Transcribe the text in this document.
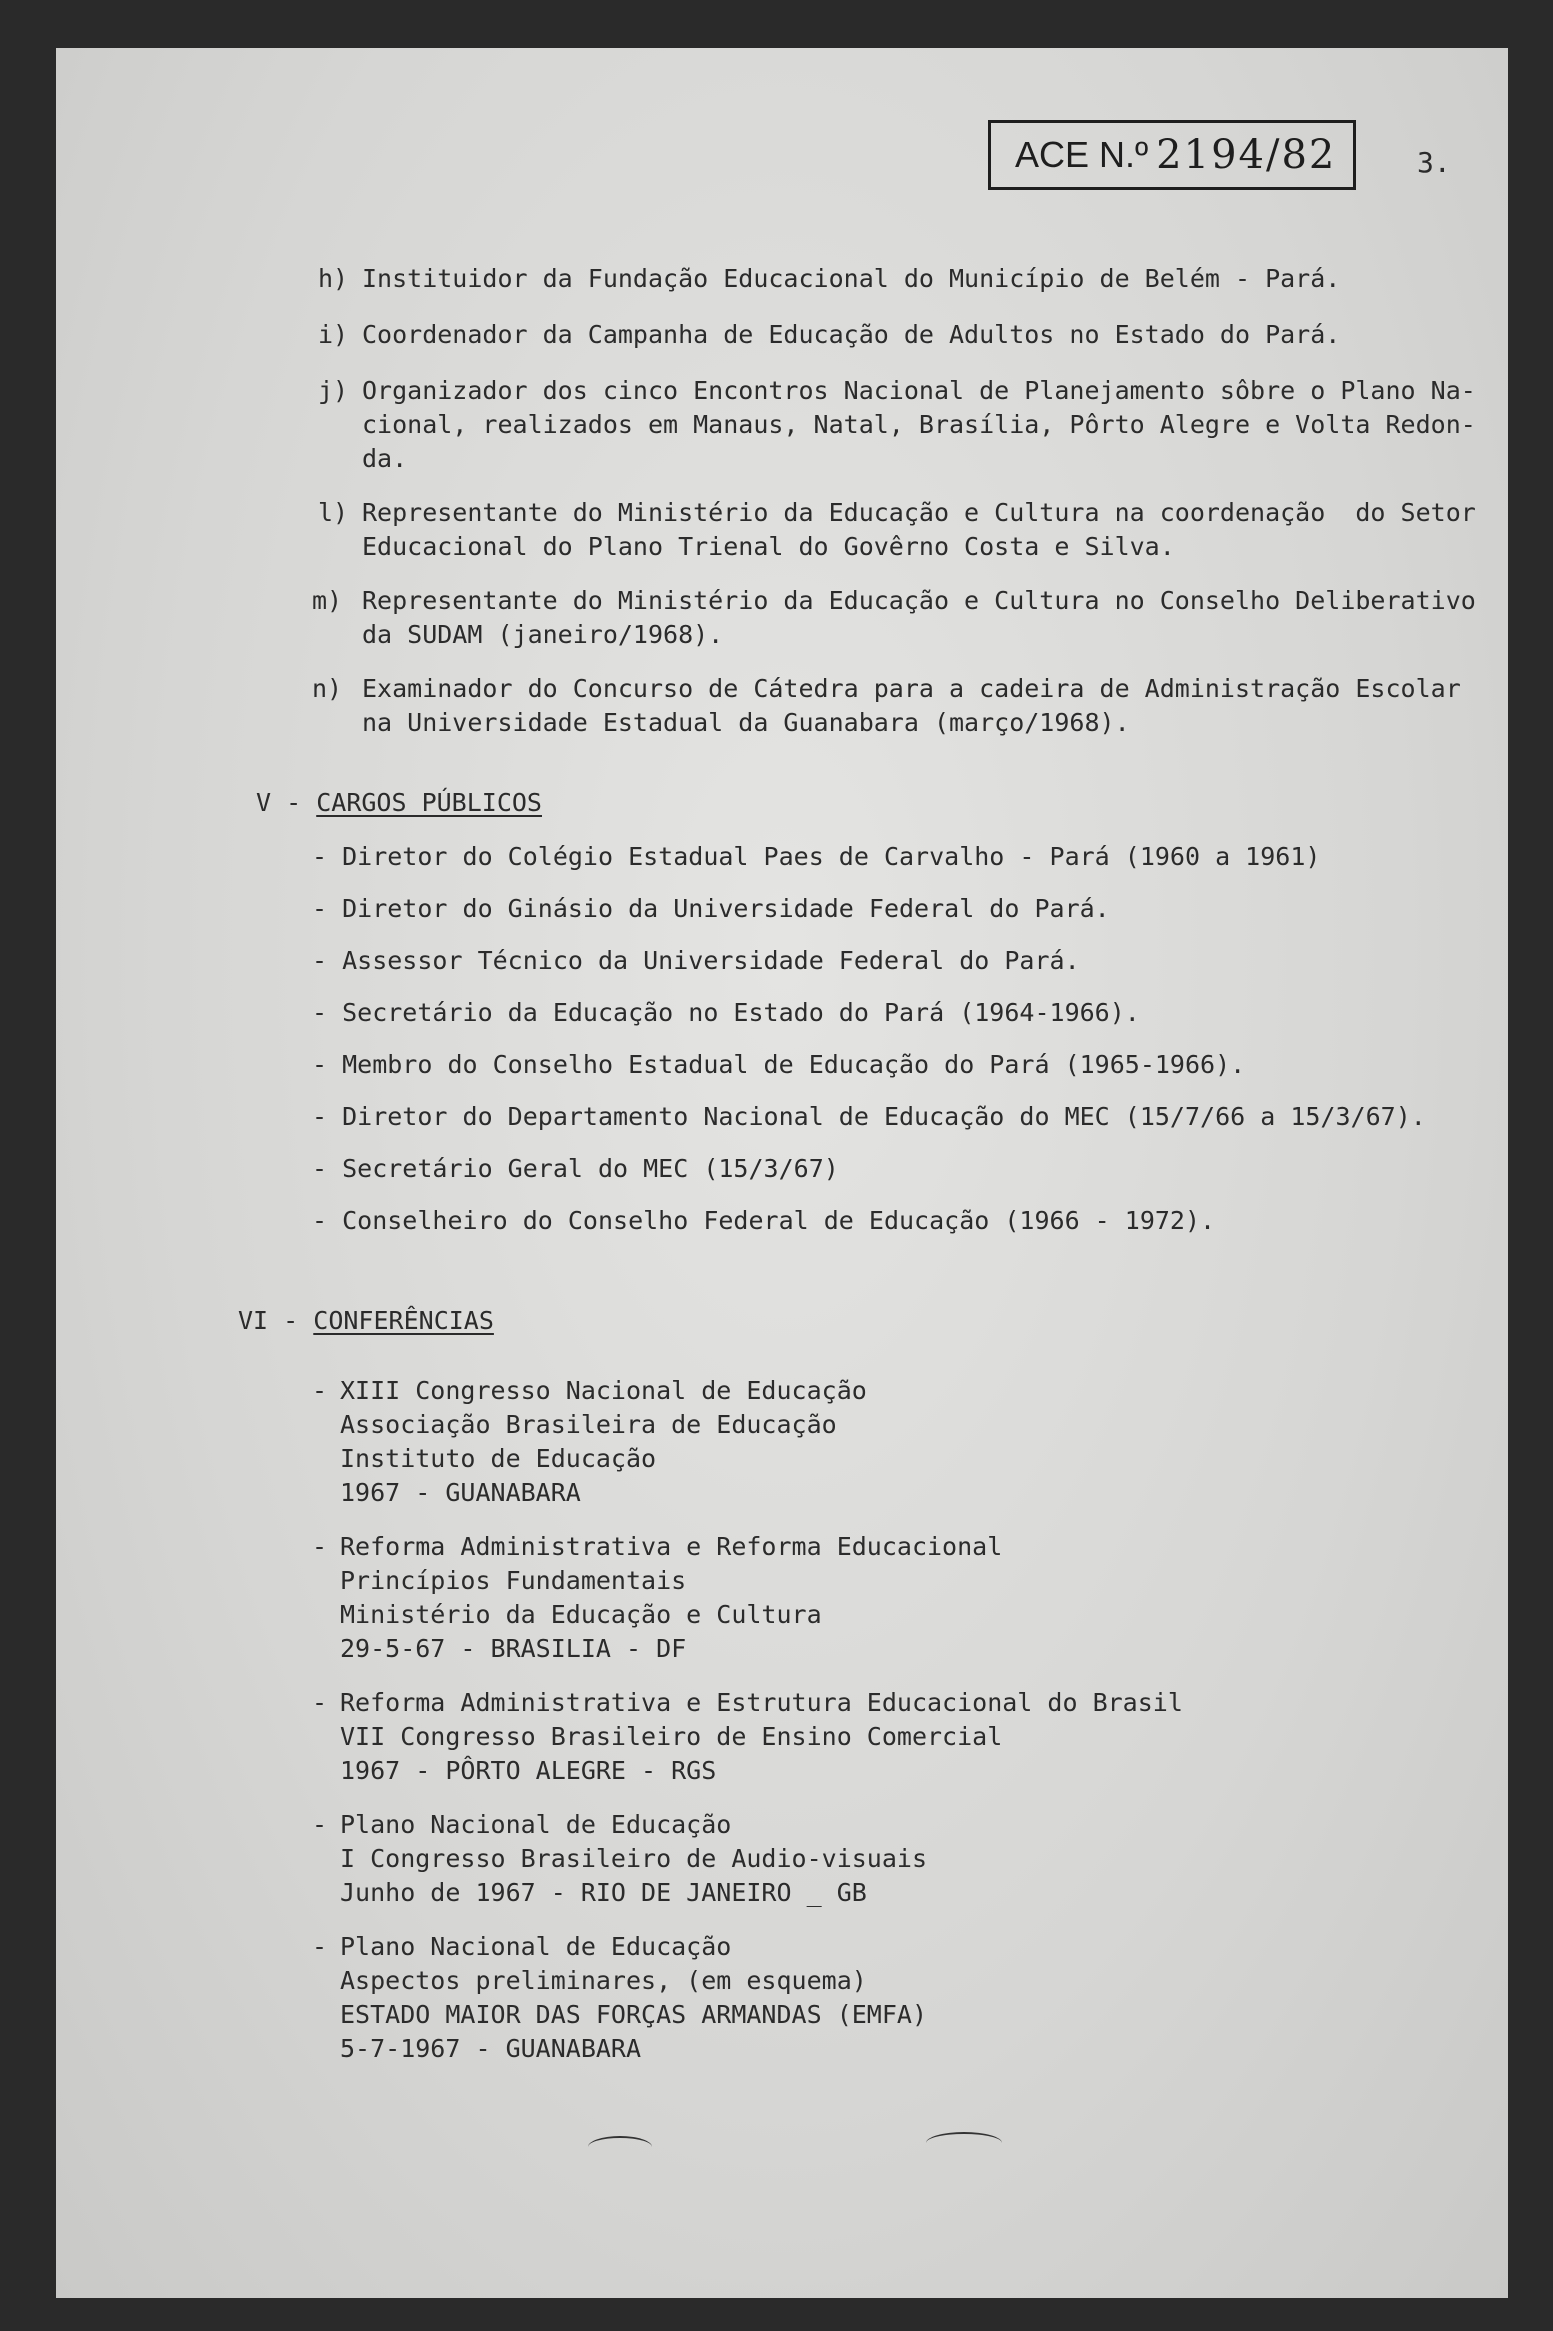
ACE N.º 2194/82	3.
h) Instituidor da Fundação Educacional do Município de Belém - Pará.
i) Coordenador da Campanha de Educação de Adultos no Estado do Pará.
j) Organizador dos cinco Encontros Nacional de Planejamento sôbre o Plano Na-
cional, realizados em Manaus, Natal, Brasília, Pôrto Alegre e Volta Redon-
da.
l) Representante do Ministério da Educação e Cultura na coordenação  do Setor
Educacional do Plano Trienal do Govêrno Costa e Silva.
m) Representante do Ministério da Educação e Cultura no Conselho Deliberativo
da SUDAM (janeiro/1968).
n) Examinador do Concurso de Cátedra para a cadeira de Administração Escolar
na Universidade Estadual da Guanabara (março/1968).
V - CARGOS PÚBLICOS
- Diretor do Colégio Estadual Paes de Carvalho - Pará (1960 a 1961)
- Diretor do Ginásio da Universidade Federal do Pará.
- Assessor Técnico da Universidade Federal do Pará.
- Secretário da Educação no Estado do Pará (1964-1966).
- Membro do Conselho Estadual de Educação do Pará (1965-1966).
- Diretor do Departamento Nacional de Educação do MEC (15/7/66 a 15/3/67).
- Secretário Geral do MEC (15/3/67)
- Conselheiro do Conselho Federal de Educação (1966 - 1972).
VI - CONFERÊNCIAS
- XIII Congresso Nacional de Educação
Associação Brasileira de Educação
Instituto de Educação
1967 - GUANABARA
- Reforma Administrativa e Reforma Educacional
Princípios Fundamentais
Ministério da Educação e Cultura
29-5-67 - BRASILIA - DF
- Reforma Administrativa e Estrutura Educacional do Brasil
VII Congresso Brasileiro de Ensino Comercial
1967 - PÔRTO ALEGRE - RGS
- Plano Nacional de Educação
I Congresso Brasileiro de Audio-visuais
Junho de 1967 - RIO DE JANEIRO _ GB
- Plano Nacional de Educação
Aspectos preliminares, (em esquema)
ESTADO MAIOR DAS FORÇAS ARMANDAS (EMFA)
5-7-1967 - GUANABARA
